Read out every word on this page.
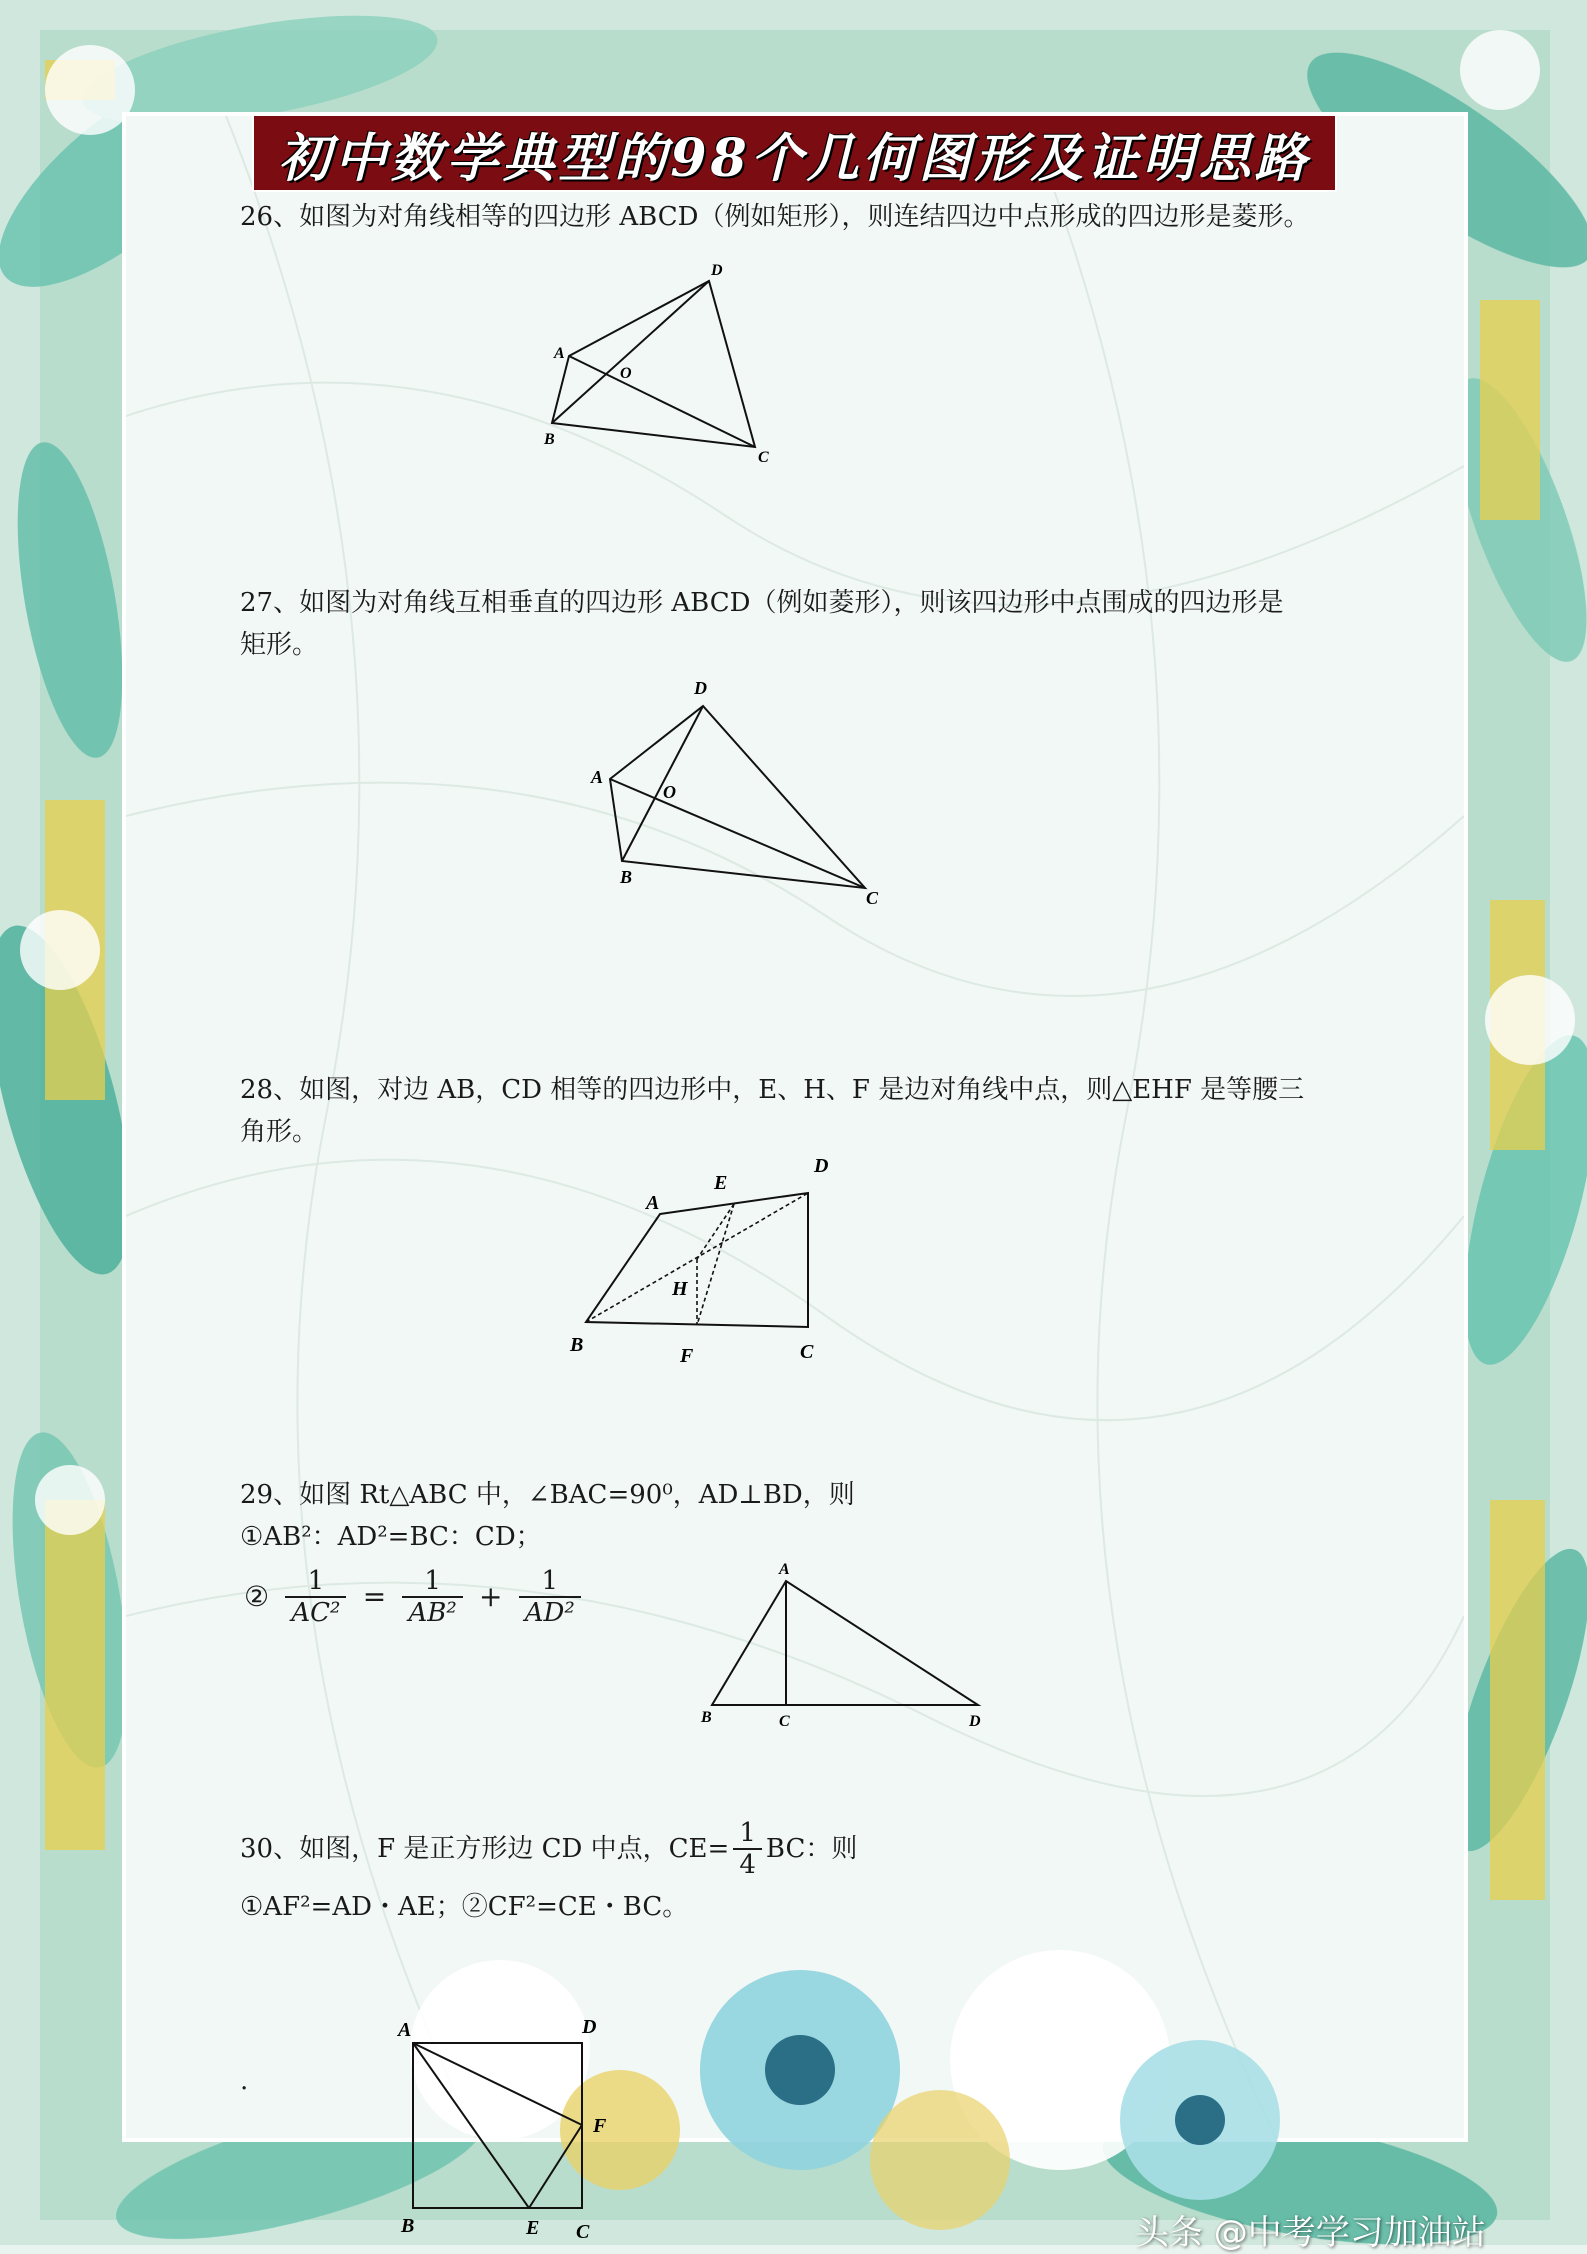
初中数学典型的98个几何图形及证明思路
26、如图为对角线相等的四边形 ABCD（例如矩形），则连结四边中点形成的四边形是菱形。
A
B
C
D
O
27、如图为对角线互相垂直的四边形 ABCD（例如菱形），则该四边形中点围成的四边形是
矩形。
A
B
C
D
O
28、如图，对边 AB，CD 相等的四边形中，E、H、F 是边对角线中点，则△EHF 是等腰三
角形。
A
B	C
D
E
F
H
29、如图 Rt△ABC 中，∠BAC=90⁰，AD⊥BD，则
①AB²：AD²=BC：CD；
② $\frac{1}{\text{AC²}} = \frac{1}{\text{AB²}} + \frac{1}{\text{AD²}}$	A
B	C	D
30、如图，F 是正方形边 CD 中点，$CE= \frac{1}{4}$ BC：则
①AF²=AD・AE；②CF²=CE・BC。
.
A
B	C
D
E
F
头条 @中考学习加油站
